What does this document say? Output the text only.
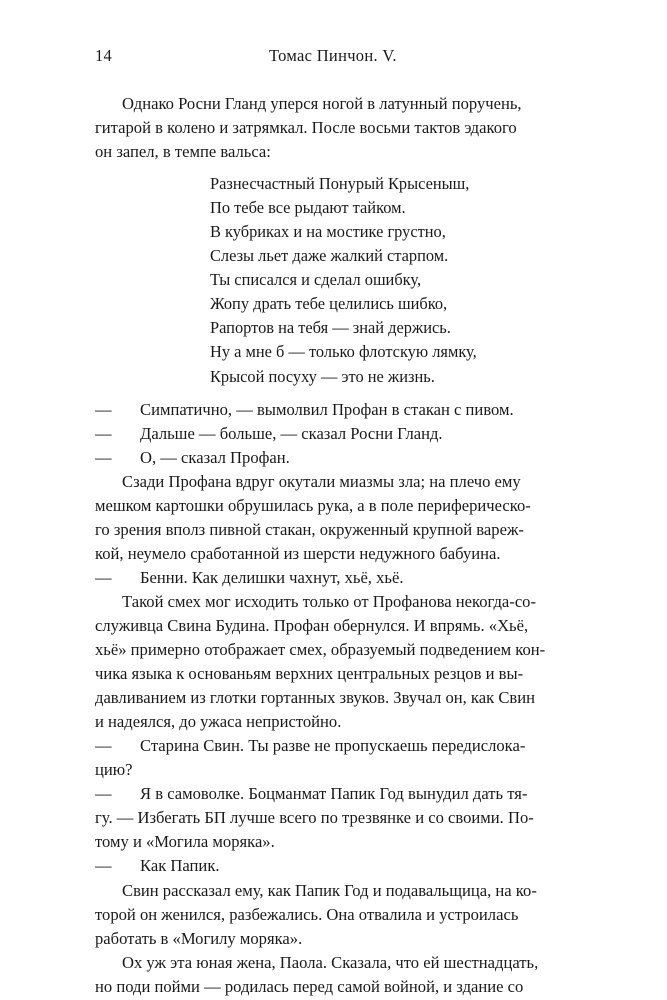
14	Томас Пинчон. V.

Однако Росни Гланд уперся ногой в латунный поручень,
гитарой в колено и затрямкал. После восьми тактов эдакого
он запел, в темпе вальса:

Разнесчастный Понурый Крысеныш,
По тебе все рыдают тайком.
В кубриках и на мостике грустно,
Слезы льет даже жалкий старпом.
Ты списался и сделал ошибку,
Жопу драть тебе целились шибко,
Рапортов на тебя — знай держись.
Ну а мне б — только флотскую лямку,
Крысой посуху — это не жизнь.

— Симпатично, — вымолвил Профан в стакан с пивом.

— Дальше — больше, — сказал Росни Гланд.

— О, — сказал Профан.

Сзади Профана вдруг окутали миазмы зла; на плечо ему
мешком картошки обрушилась рука, а в поле периферическо-
го зрения вполз пивной стакан, окруженный крупной вареж-
кой, неумело сработанной из шерсти недужного бабуина.

— Бенни. Как делишки чахнут, хьё, хьё.

Такой смех мог исходить только от Профанова некогда-со-
служивца Свина Будина. Профан обернулся. И впрямь. «Хьё,
хьё» примерно отображает смех, образуемый подведением кон-
чика языка к основаньям верхних центральных резцов и вы-
давливанием из глотки гортанных звуков. Звучал он, как Свин
и надеялся, до ужаса непристойно.

— Старина Свин. Ты разве не пропускаешь передислока-
цию?

— Я в самоволке. Боцманмат Папик Год вынудил дать тя-
гу. — Избегать БП лучше всего по трезвянке и со своими. По-
тому и «Могила моряка».

— Как Папик.

Свин рассказал ему, как Папик Год и подавальщица, на ко-
торой он женился, разбежались. Она отвалила и устроилась
работать в «Могилу моряка».

Ох уж эта юная жена, Паола. Сказала, что ей шестнадцать,
но поди пойми — родилась перед самой войной, и здание со
